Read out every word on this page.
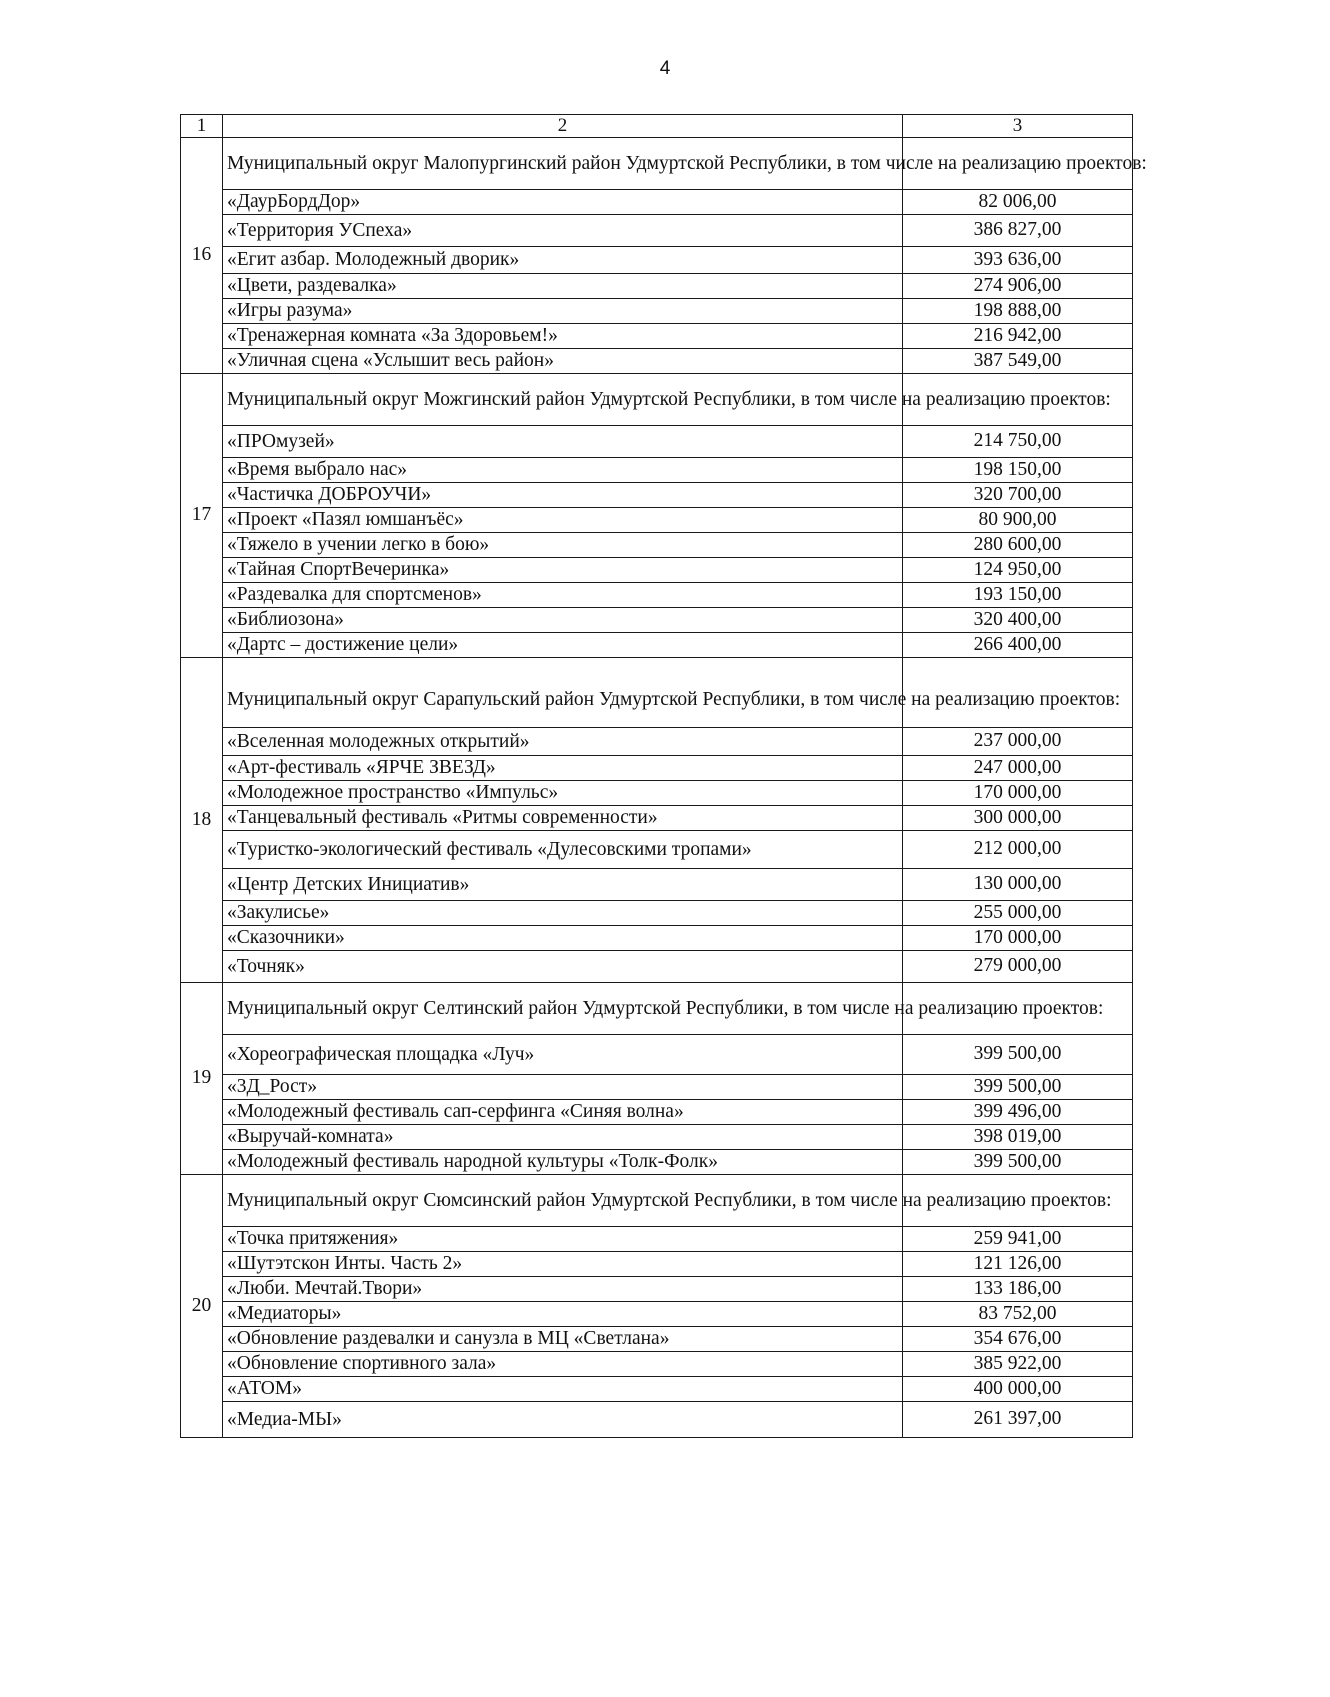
4
1	2	3
16	Муниципальный округ Малопургинский район Удмуртской Республики, в том числе на реализацию проектов:	
	«ДаурБордДор»	82 006,00
	«Территория УСпеха»	386 827,00
	«Егит азбар. Молодежный дворик»	393 636,00
	«Цвети, раздевалка»	274 906,00
	«Игры разума»	198 888,00
	«Тренажерная комната «За Здоровьем!»	216 942,00
	«Уличная сцена «Услышит весь район»	387 549,00
17	Муниципальный округ Можгинский район Удмуртской Республики, в том числе на реализацию проектов:	
	«ПРОмузей»	214 750,00
	«Время выбрало нас»	198 150,00
	«Частичка ДОБРОУЧИ»	320 700,00
	«Проект «Пазял юмшанъёс»	80 900,00
	«Тяжело в учении легко в бою»	280 600,00
	«Тайная СпортВечеринка»	124 950,00
	«Раздевалка для спортсменов»	193 150,00
	«Библиозона»	320 400,00
	«Дартс – достижение цели»	266 400,00
18	Муниципальный округ Сарапульский район Удмуртской Республики, в том числе на реализацию проектов:	
	«Вселенная молодежных открытий»	237 000,00
	«Арт-фестиваль «ЯРЧЕ ЗВЕЗД»	247 000,00
	«Молодежное пространство «Импульс»	170 000,00
	«Танцевальный фестиваль «Ритмы современности»	300 000,00
	«Туристко-экологический фестиваль «Дулесовскими тропами»	212 000,00
	«Центр Детских Инициатив»	130 000,00
	«Закулисье»	255 000,00
	«Сказочники»	170 000,00
	«Точняк»	279 000,00
19	Муниципальный округ Селтинский район Удмуртской Республики, в том числе на реализацию проектов:	
	«Хореографическая площадка «Луч»	399 500,00
	«3Д_Рост»	399 500,00
	«Молодежный фестиваль сап-серфинга «Синяя волна»	399 496,00
	«Выручай-комната»	398 019,00
	«Молодежный фестиваль народной культуры «Толк-Фолк»	399 500,00
20	Муниципальный округ Сюмсинский район Удмуртской Республики, в том числе на реализацию проектов:	
	«Точка притяжения»	259 941,00
	«Шутэтскон Инты. Часть 2»	121 126,00
	«Люби. Мечтай.Твори»	133 186,00
	«Медиаторы»	83 752,00
	«Обновление раздевалки и санузла в МЦ «Светлана»	354 676,00
	«Обновление спортивного зала»	385 922,00
	«АТОМ»	400 000,00
	«Медиа-МЫ»	261 397,00
